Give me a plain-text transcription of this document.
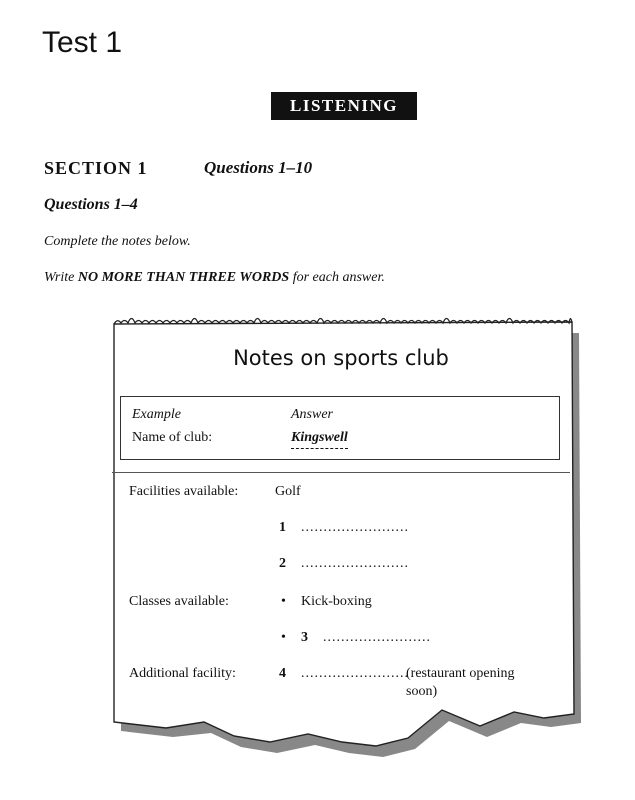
Test 1
LISTENING
SECTION 1	Questions 1–10
Questions 1–4
Complete the notes below.
Write NO MORE THAN THREE WORDS for each answer.
Notes on sports club
Example	Answer
Name of club:	Kingswell
Facilities available:	Golf
1 ........................
2 ........................
Classes available:	• Kick-boxing
• 3 ........................
Additional facility:	4 ........................
(restaurant opening
soon)
